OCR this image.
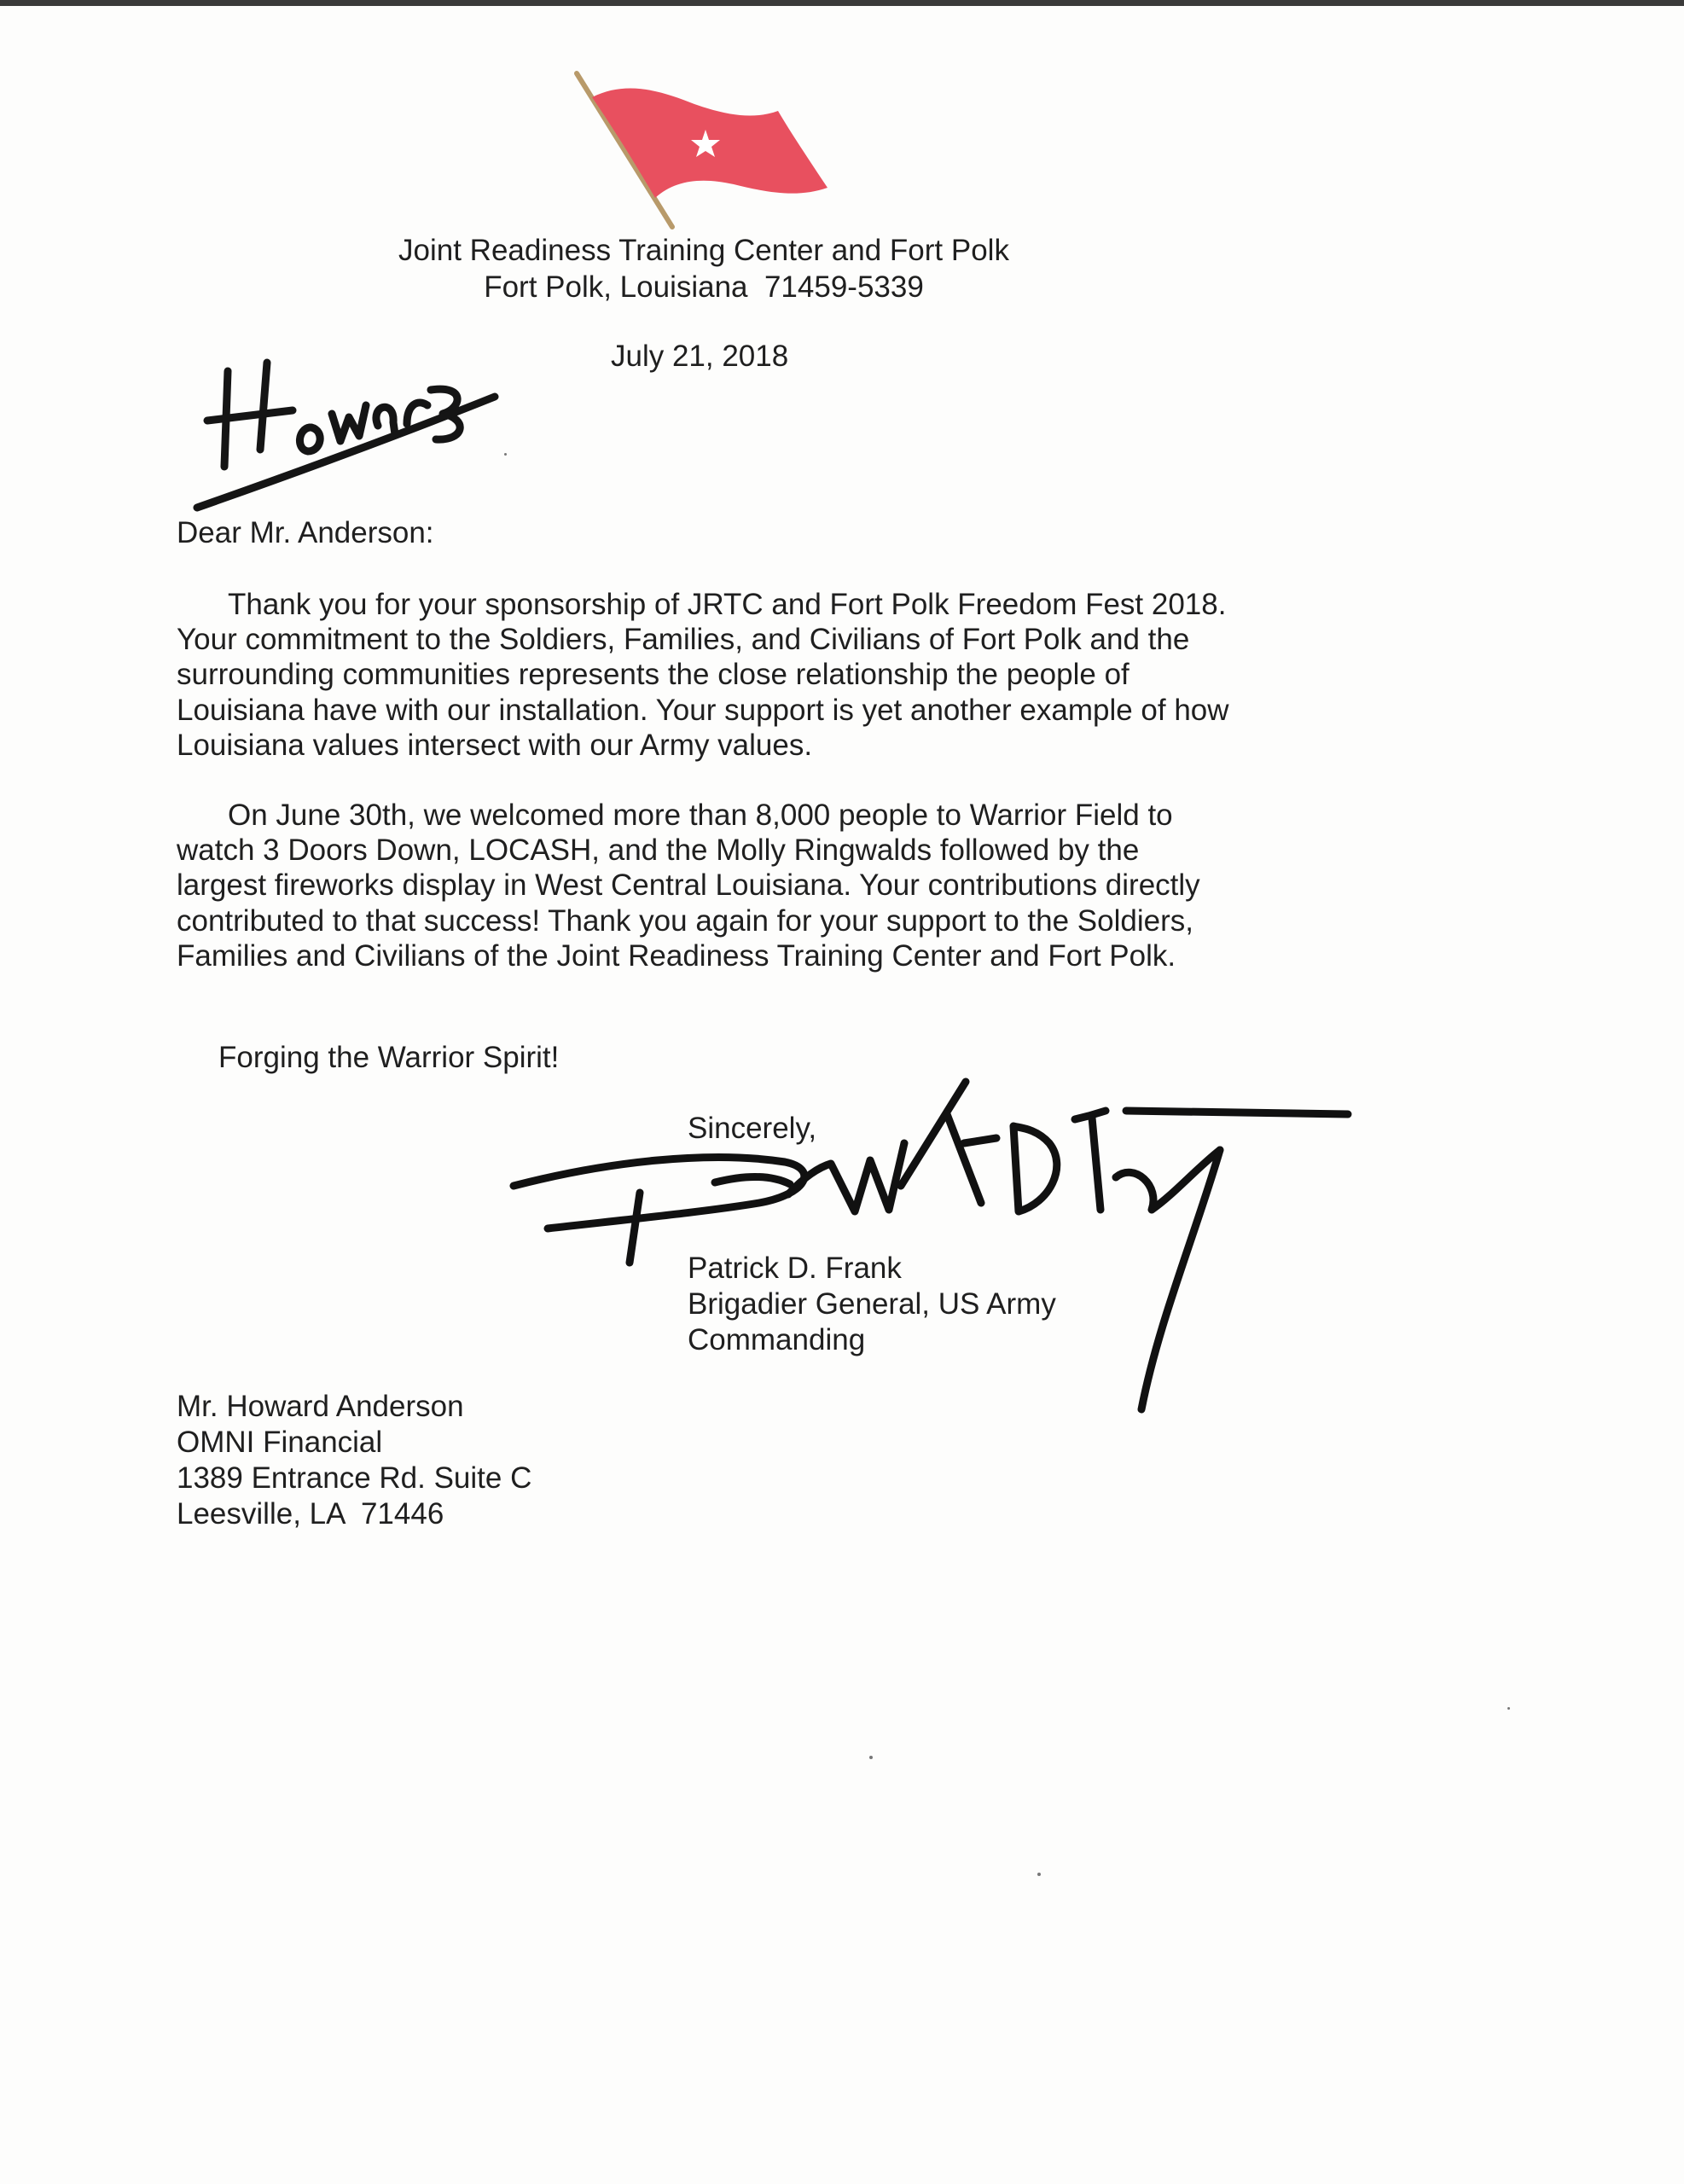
Joint Readiness Training Center and Fort Polk
Fort Polk, Louisiana  71459-5339
July 21, 2018
Dear Mr. Anderson:

Thank you for your sponsorship of JRTC and Fort Polk Freedom Fest 2018. Your commitment to the Soldiers, Families, and Civilians of Fort Polk and the surrounding communities represents the close relationship the people of Louisiana have with our installation. Your support is yet another example of how Louisiana values intersect with our Army values.

On June 30th, we welcomed more than 8,000 people to Warrior Field to watch 3 Doors Down, LOCASH, and the Molly Ringwalds followed by the largest fireworks display in West Central Louisiana. Your contributions directly contributed to that success! Thank you again for your support to the Soldiers, Families and Civilians of the Joint Readiness Training Center and Fort Polk.

Forging the Warrior Spirit!
Sincerely,
Patrick D. Frank
Brigadier General, US Army
Commanding
Mr. Howard Anderson
OMNI Financial
1389 Entrance Rd. Suite C
Leesville, LA  71446
